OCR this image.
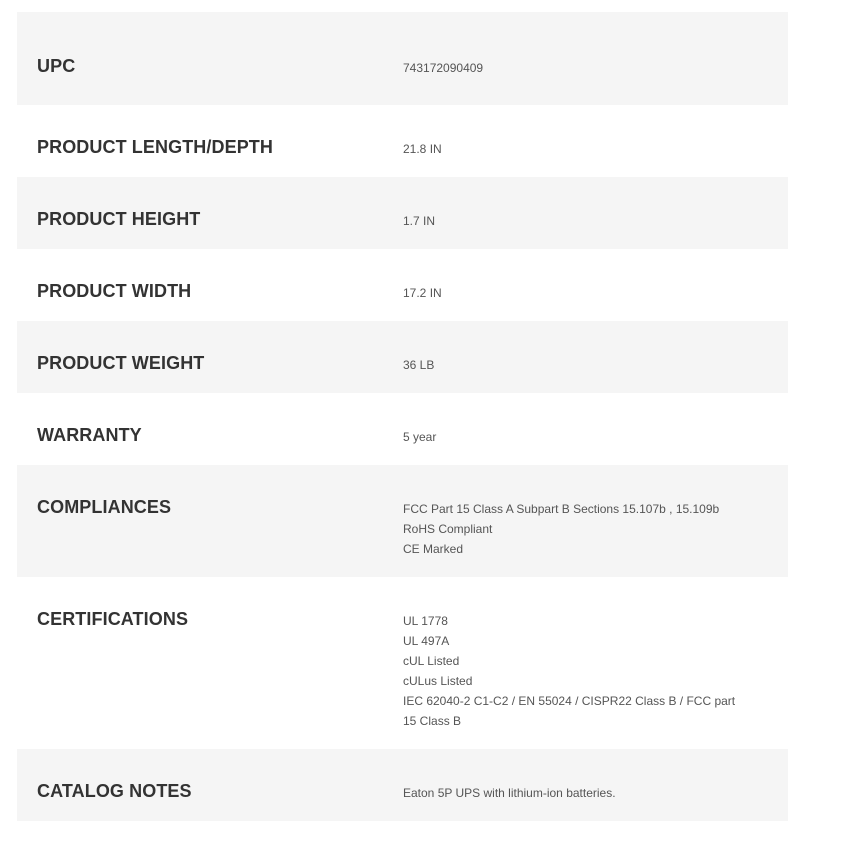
UPC	743172090409
PRODUCT LENGTH/DEPTH	21.8 IN
PRODUCT HEIGHT	1.7 IN
PRODUCT WIDTH	17.2 IN
PRODUCT WEIGHT	36 LB
WARRANTY	5 year
COMPLIANCES	FCC Part 15 Class A Subpart B Sections 15.107b , 15.109b
RoHS Compliant
CE Marked
CERTIFICATIONS	UL 1778
UL 497A
cUL Listed
cULus Listed
IEC 62040-2 C1-C2 / EN 55024 / CISPR22 Class B / FCC part 15 Class B
CATALOG NOTES	Eaton 5P UPS with lithium-ion batteries.
